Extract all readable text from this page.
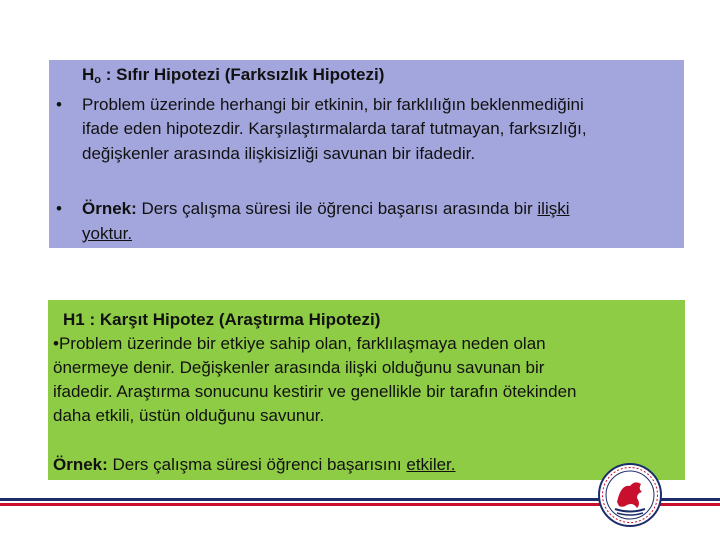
$H_o$ : Sıfır Hipotezi (Farksızlık Hipotezi)
• Problem üzerinde herhangi bir etkinin, bir farklılığın beklenmediğini
ifade eden hipotezdir. Karşılaştırmalarda taraf tutmayan, farksızlığı,
değişkenler arasında ilişkisizliği savunan bir ifadedir.
• Örnek: Ders çalışma süresi ile öğrenci başarısı arasında bir ilişki
yoktur.
H1 : Karşıt Hipotez (Araştırma Hipotezi)
•Problem üzerinde bir etkiye sahip olan, farklılaşmaya neden olan
önermeye denir. Değişkenler arasında ilişki olduğunu savunan bir
ifadedir. Araştırma sonucunu kestirir ve genellikle bir tarafın ötekinden
daha etkili, üstün olduğunu savunur.
Örnek: Ders çalışma süresi öğrenci başarısını etkiler.
